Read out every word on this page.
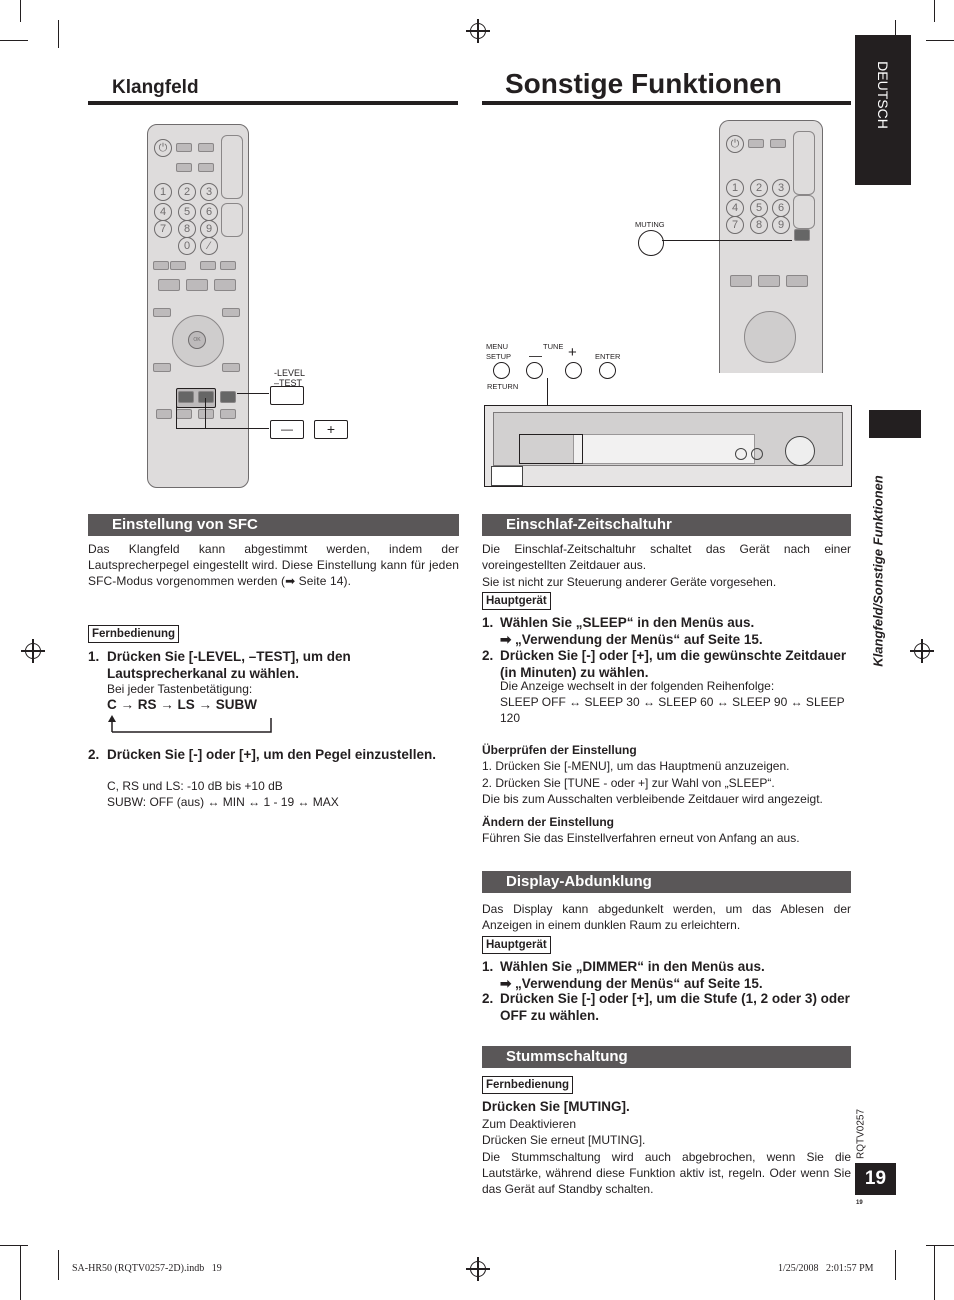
Klangfeld
⏻
1	2	3
4	5	6
7	8	9
0	⁄
OK
-LEVEL
–TEST
—	+
Einstellung von SFC
Das Klangfeld kann abgestimmt werden, indem der Lautsprecherpegel eingestellt wird. Diese Einstellung kann für jeden SFC-Modus vorgenommen werden (➡ Seite 14).
Fernbedienung
1. Drücken Sie [-LEVEL, –TEST], um den Lautsprecherkanal zu wählen.
Bei jeder Tastenbetätigung:
C → RS → LS → SUBW
2. Drücken Sie [-] oder [+], um den Pegel einzustellen.
C, RS und LS: -10 dB bis +10 dB
SUBW: OFF (aus) ↔ MIN ↔ 1 - 19 ↔ MAX
Sonstige Funktionen
⏻
1	2	3
4	5	6
7	8	9
MUTING
MENU
SETUP
TUNE
— + ENTER
RETURN
Einschlaf-Zeitschaltuhr
Die Einschlaf-Zeitschaltuhr schaltet das Gerät nach einer voreingestellten Zeitdauer aus.
Sie ist nicht zur Steuerung anderer Geräte vorgesehen.
Hauptgerät
1. Wählen Sie „SLEEP“ in den Menüs aus.
➡ „Verwendung der Menüs“ auf Seite 15.
2. Drücken Sie [-] oder [+], um die gewünschte Zeitdauer (in Minuten) zu wählen.
Die Anzeige wechselt in der folgenden Reihenfolge:
SLEEP OFF ↔ SLEEP 30 ↔ SLEEP 60 ↔ SLEEP 90 ↔ SLEEP 120
Überprüfen der Einstellung
1. Drücken Sie [-MENU], um das Hauptmenü anzuzeigen.
2. Drücken Sie [TUNE - oder +] zur Wahl von „SLEEP“.
Die bis zum Ausschalten verbleibende Zeitdauer wird angezeigt.
Ändern der Einstellung
Führen Sie das Einstellverfahren erneut von Anfang an aus.
Display-Abdunklung
Das Display kann abgedunkelt werden, um das Ablesen der Anzeigen in einem dunklen Raum zu erleichtern.
Hauptgerät
1. Wählen Sie „DIMMER“ in den Menüs aus.
➡ „Verwendung der Menüs“ auf Seite 15.
2. Drücken Sie [-] oder [+], um die Stufe (1, 2 oder 3) oder OFF zu wählen.
Stummschaltung
Fernbedienung
Drücken Sie [MUTING].
Zum Deaktivieren
Drücken Sie erneut [MUTING].
Die Stummschaltung wird auch abgebrochen, wenn Sie die Lautstärke, während diese Funktion aktiv ist, regeln. Oder wenn Sie das Gerät auf Standby schalten.
DEUTSCH
Klangfeld/Sonstige Funktionen
RQTV0257
19
19
SA-HR50 (RQTV0257-2D).indb   19	1/25/2008   2:01:57 PM
